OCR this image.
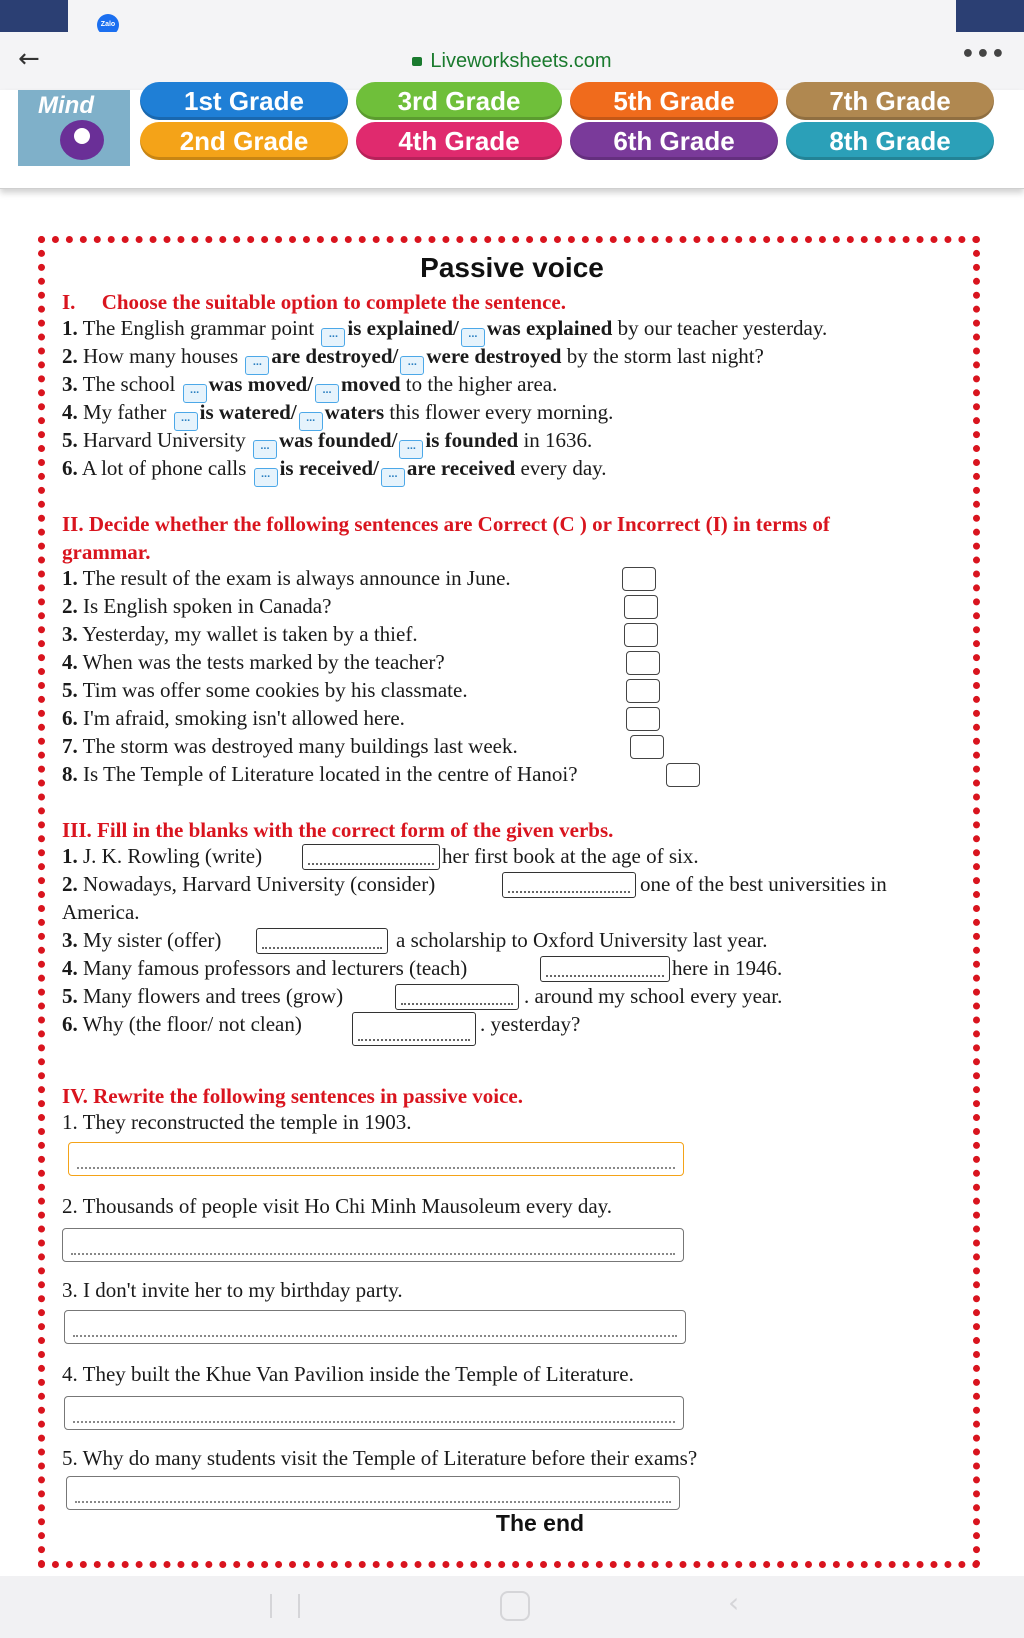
Zalo
←	Liveworksheets.com	•••
Mind	1st Grade	3rd Grade	5th Grade	7th Grade
2nd Grade	4th Grade	6th Grade	8th Grade
Passive voice
I. Choose the suitable option to complete the sentence.
1. The English grammar point ... is explained/ ... was explained by our teacher yesterday.
2. How many houses ... are destroyed/ ... were destroyed by the storm last night?
3. The school ... was moved/ ... moved to the higher area.
4. My father ... is watered/ ... waters this flower every morning.
5. Harvard University ... was founded/ ... is founded in 1636.
6. A lot of phone calls ... is received/ ... are received every day.
II. Decide whether the following sentences are Correct (C ) or Incorrect (I) in terms of
grammar.
1. The result of the exam is always announce in June.
2. Is English spoken in Canada?
3. Yesterday, my wallet is taken by a thief.
4. When was the tests marked by the teacher?
5. Tim was offer some cookies by his classmate.
6. I'm afraid, smoking isn't allowed here.
7. The storm was destroyed many buildings last week.
8. Is The Temple of Literature located in the centre of Hanoi?
III. Fill in the blanks with the correct form of the given verbs.
1. J. K. Rowling (write)	her first book at the age of six.
2. Nowadays, Harvard University (consider)	one of the best universities in
America.
3. My sister (offer)	a scholarship to Oxford University last year.
4. Many famous professors and lecturers (teach)	here in 1946.
5. Many flowers and trees (grow)	. around my school every year.
6. Why (the floor/ not clean)	. yesterday?
IV. Rewrite the following sentences in passive voice.
1. They reconstructed the temple in 1903.
2. Thousands of people visit Ho Chi Minh Mausoleum every day.
3. I don't invite her to my birthday party.
4. They built the Khue Van Pavilion inside the Temple of Literature.
5. Why do many students visit the Temple of Literature before their exams?
The end
‹
